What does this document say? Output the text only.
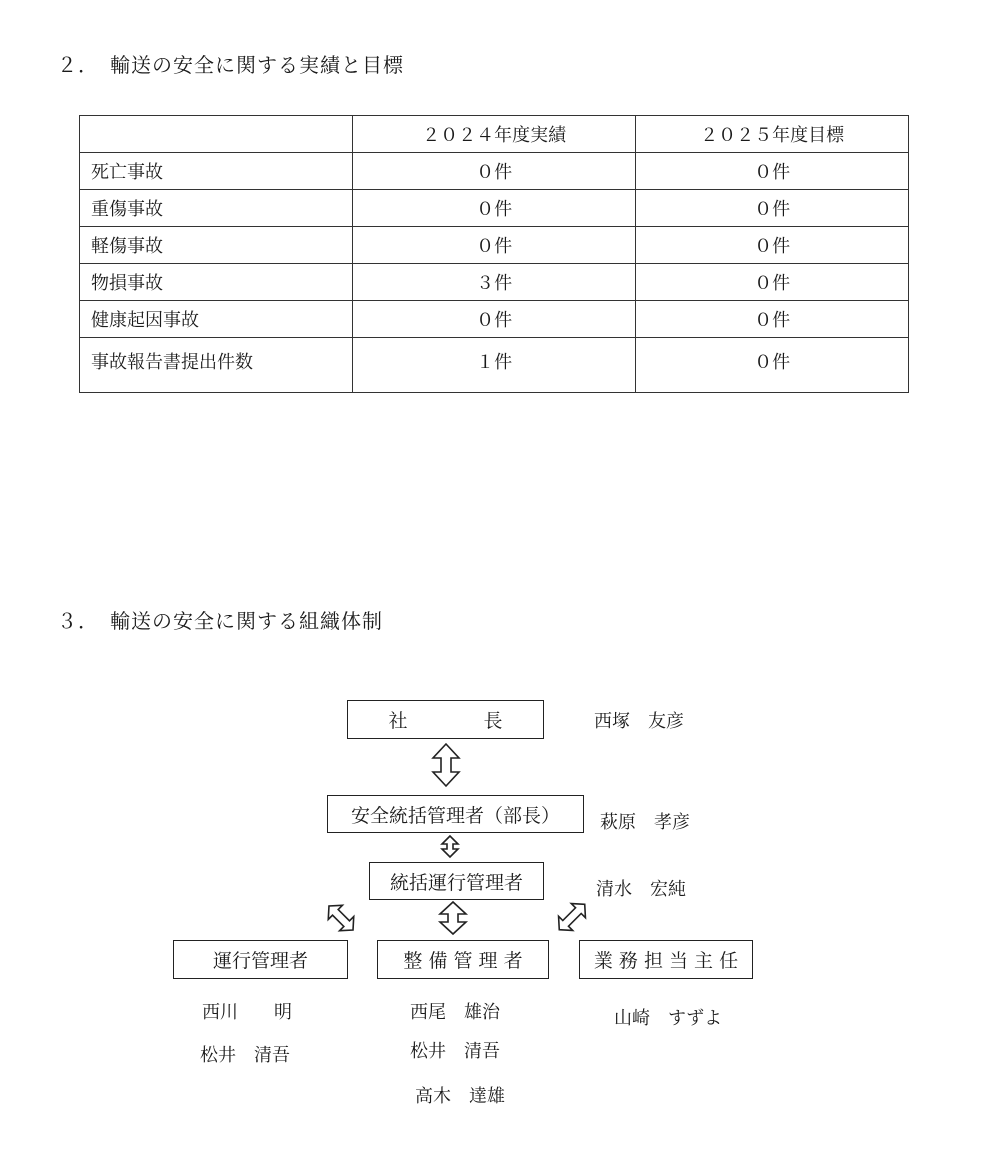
２．　輸送の安全に関する実績と目標
	２０２４年度実績	２０２５年度目標
死亡事故	０件	０件
重傷事故	０件	０件
軽傷事故	０件	０件
物損事故	３件	０件
健康起因事故	０件	０件
事故報告書提出件数	１件	０件
３．　輸送の安全に関する組織体制
社　　　　長	西塚　友彦
安全統括管理者（部長）	萩原　孝彦
統括運行管理者	清水　宏純
運行管理者
西川　　明
松井　清吾
整 備 管 理 者
西尾　雄治
松井　清吾
高木　達雄
業 務 担 当 主 任
山崎　すずよ
